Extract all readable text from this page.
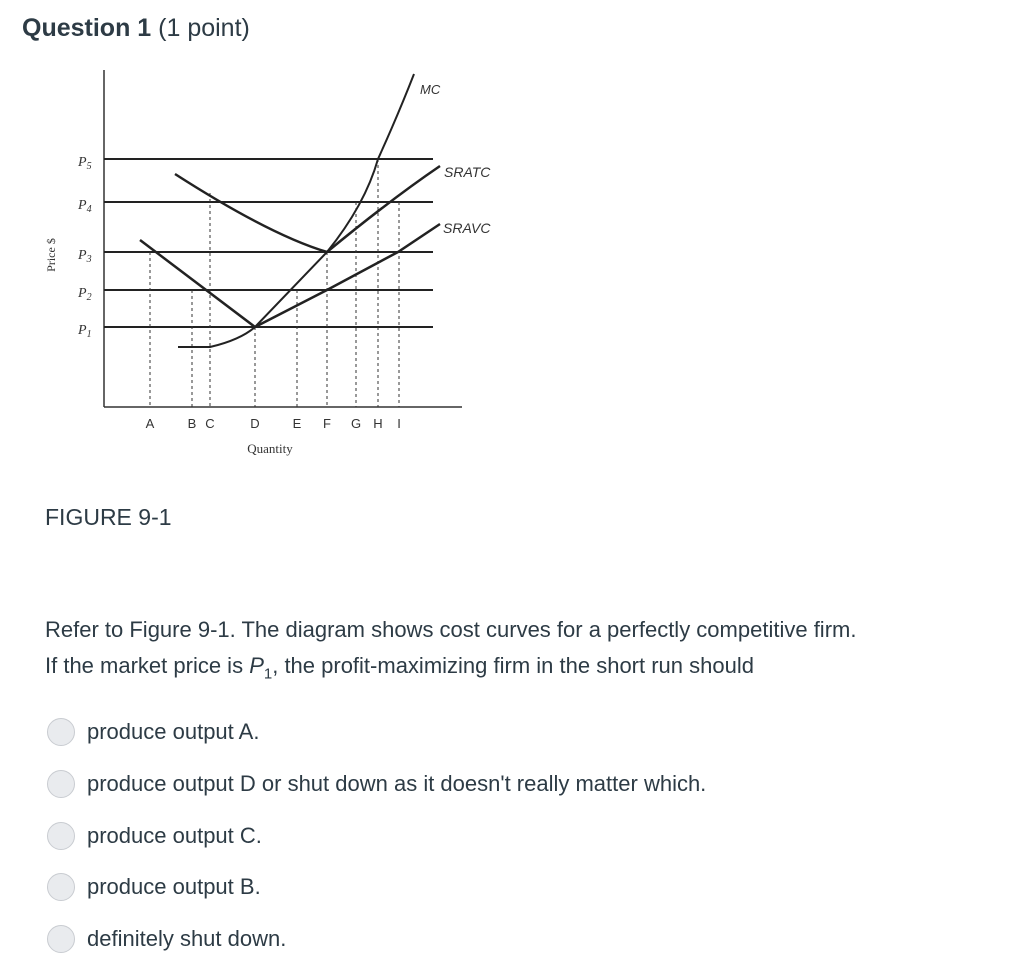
Question 1 (1 point)
MC
SRATC
SRAVC
$P_5$
$P_4$
$P_3$
$P_2$
$P_1$
Price $
A	B C	D	E F G H I
Quantity
FIGURE 9-1
Refer to Figure 9-1. The diagram shows cost curves for a perfectly competitive firm.
If the market price is $P_1$, the profit-maximizing firm in the short run should
produce output A.
produce output D or shut down as it doesn't really matter which.
produce output C.
produce output B.
definitely shut down.
